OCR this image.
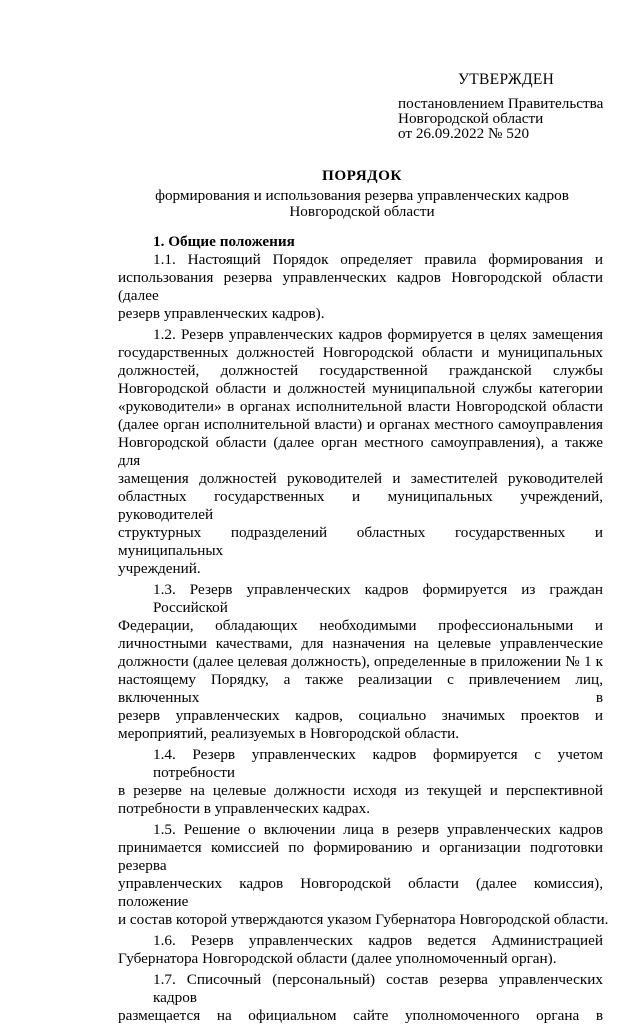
УТВЕРЖДЕН
постановлением Правительства
Новгородской области
от 26.09.2022 № 520
ПОРЯДОК
формирования и использования резерва управленческих кадров
Новгородской области

1. Общие положения

1.1. Настоящий Порядок определяет правила формирования и
использования резерва управленческих кадров Новгородской области (далее
резерв управленческих кадров).
1.2. Резерв управленческих кадров формируется в целях замещения
государственных должностей Новгородской области и муниципальных
должностей, должностей государственной гражданской службы
Новгородской области и должностей муниципальной службы категории
«руководители» в органах исполнительной власти Новгородской области
(далее орган исполнительной власти) и органах местного самоуправления
Новгородской области (далее орган местного самоуправления), а также для
замещения должностей руководителей и заместителей руководителей
областных государственных и муниципальных учреждений, руководителей
структурных подразделений областных государственных и муниципальных
учреждений.
1.3. Резерв управленческих кадров формируется из граждан Российской
Федерации, обладающих необходимыми профессиональными и
личностными качествами, для назначения на целевые управленческие
должности (далее целевая должность), определенные в приложении № 1 к
настоящему Порядку, а также реализации с привлечением лиц, включенных в
резерв управленческих кадров, социально значимых проектов и
мероприятий, реализуемых в Новгородской области.
1.4. Резерв управленческих кадров формируется с учетом потребности
в резерве на целевые должности исходя из текущей и перспективной
потребности в управленческих кадрах.
1.5. Решение о включении лица в резерв управленческих кадров
принимается комиссией по формированию и организации подготовки резерва
управленческих кадров Новгородской области (далее комиссия), положение
и состав которой утверждаются указом Губернатора Новгородской области.
1.6. Резерв управленческих кадров ведется Администрацией
Губернатора Новгородской области (далее уполномоченный орган).
1.7. Списочный (персональный) состав резерва управленческих кадров
размещается на официальном сайте уполномоченного органа в
